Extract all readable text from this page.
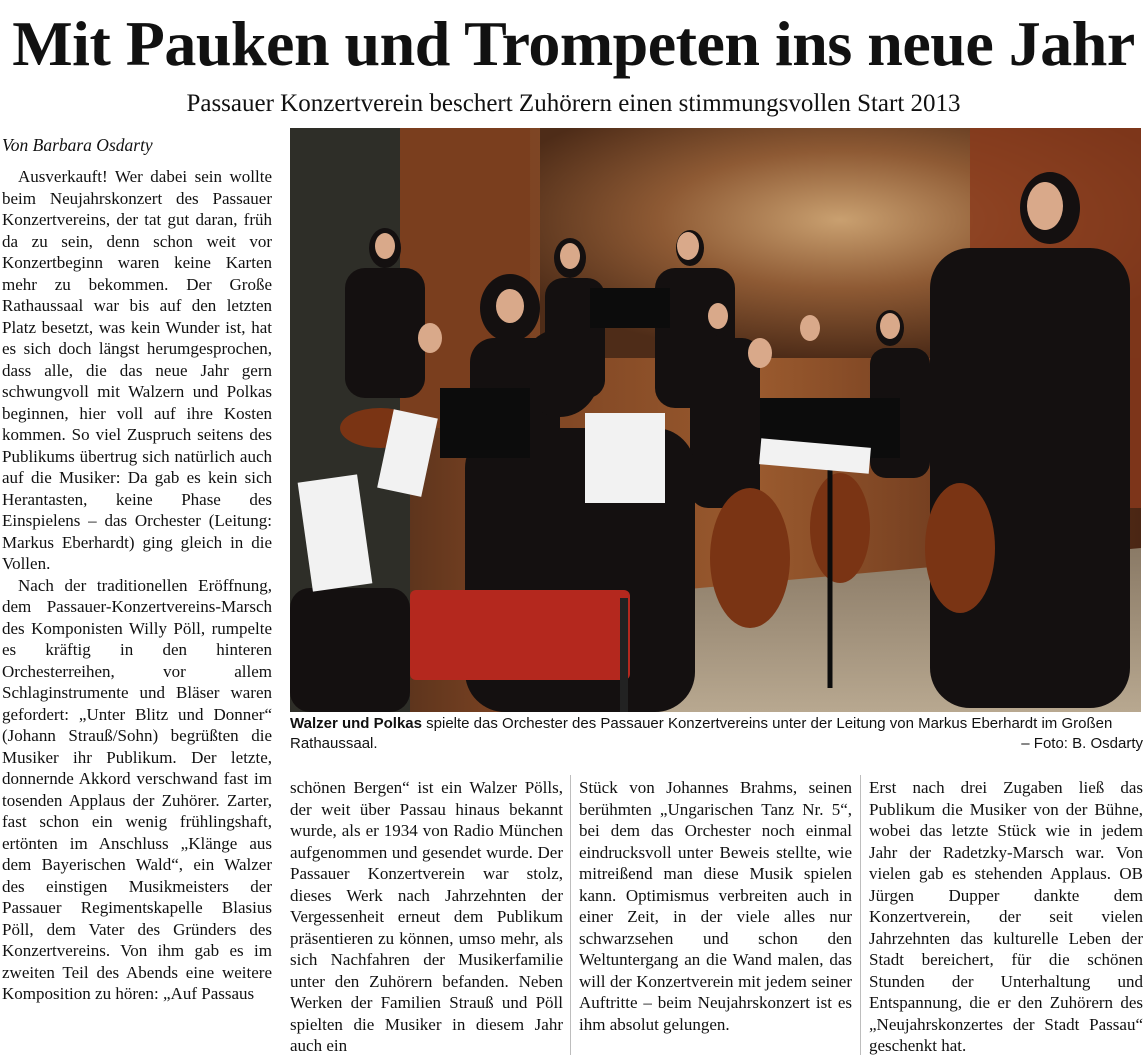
Mit Pauken und Trompeten ins neue Jahr
Passauer Konzertverein beschert Zuhörern einen stimmungsvollen Start 2013
Von Barbara Osdarty

Ausverkauft! Wer dabei sein wollte beim Neujahrskonzert des Passauer Konzertvereins, der tat gut daran, früh da zu sein, denn schon weit vor Konzertbeginn waren keine Karten mehr zu bekommen. Der Große Rathaussaal war bis auf den letzten Platz besetzt, was kein Wunder ist, hat es sich doch längst herumgesprochen, dass alle, die das neue Jahr gern schwungvoll mit Walzern und Polkas beginnen, hier voll auf ihre Kosten kommen. So viel Zuspruch seitens des Publikums übertrug sich natürlich auch auf die Musiker: Da gab es kein sich Herantasten, keine Phase des Einspielens – das Orchester (Leitung: Markus Eberhardt) ging gleich in die Vollen.

Nach der traditionellen Eröffnung, dem Passauer-Konzertvereins-Marsch des Komponisten Willy Pöll, rumpelte es kräftig in den hinteren Orchesterreihen, vor allem Schlaginstrumente und Bläser waren gefordert: „Unter Blitz und Donner“ (Johann Strauß/Sohn) begrüßten die Musiker ihr Publikum. Der letzte, donnernde Akkord verschwand fast im tosenden Applaus der Zuhörer. Zarter, fast schon ein wenig frühlingshaft, ertönten im Anschluss „Klänge aus dem Bayerischen Wald“, ein Walzer des einstigen Musikmeisters der Passauer Regimentskapelle Blasius Pöll, dem Vater des Gründers des Konzertvereins. Von ihm gab es im zweiten Teil des Abends eine weitere Komposition zu hören: „Auf Passaus

Walzer und Polkas spielte das Orchester des Passauer Konzertvereins unter der Leitung von Markus Eberhardt im Großen Rathaussaal.	– Foto: B. Osdarty

schönen Bergen“ ist ein Walzer Pölls, der weit über Passau hinaus bekannt wurde, als er 1934 von Radio München aufgenommen und gesendet wurde. Der Passauer Konzertverein war stolz, dieses Werk nach Jahrzehnten der Vergessenheit erneut dem Publikum präsentieren zu können, umso mehr, als sich Nachfahren der Musikerfamilie unter den Zuhörern befanden. Neben Werken der Familien Strauß und Pöll spielten die Musiker in diesem Jahr auch ein

Stück von Johannes Brahms, seinen berühmten „Ungarischen Tanz Nr. 5“, bei dem das Orchester noch einmal eindrucksvoll unter Beweis stellte, wie mitreißend man diese Musik spielen kann. Optimismus verbreiten auch in einer Zeit, in der viele alles nur schwarzsehen und schon den Weltuntergang an die Wand malen, das will der Konzertverein mit jedem seiner Auftritte – beim Neujahrskonzert ist es ihm absolut gelungen.

Erst nach drei Zugaben ließ das Publikum die Musiker von der Bühne, wobei das letzte Stück wie in jedem Jahr der Radetzky-Marsch war. Von vielen gab es stehenden Applaus. OB Jürgen Dupper dankte dem Konzertverein, der seit vielen Jahrzehnten das kulturelle Leben der Stadt bereichert, für die schönen Stunden der Unterhaltung und Entspannung, die er den Zuhörern des „Neujahrskonzertes der Stadt Passau“ geschenkt hat.
